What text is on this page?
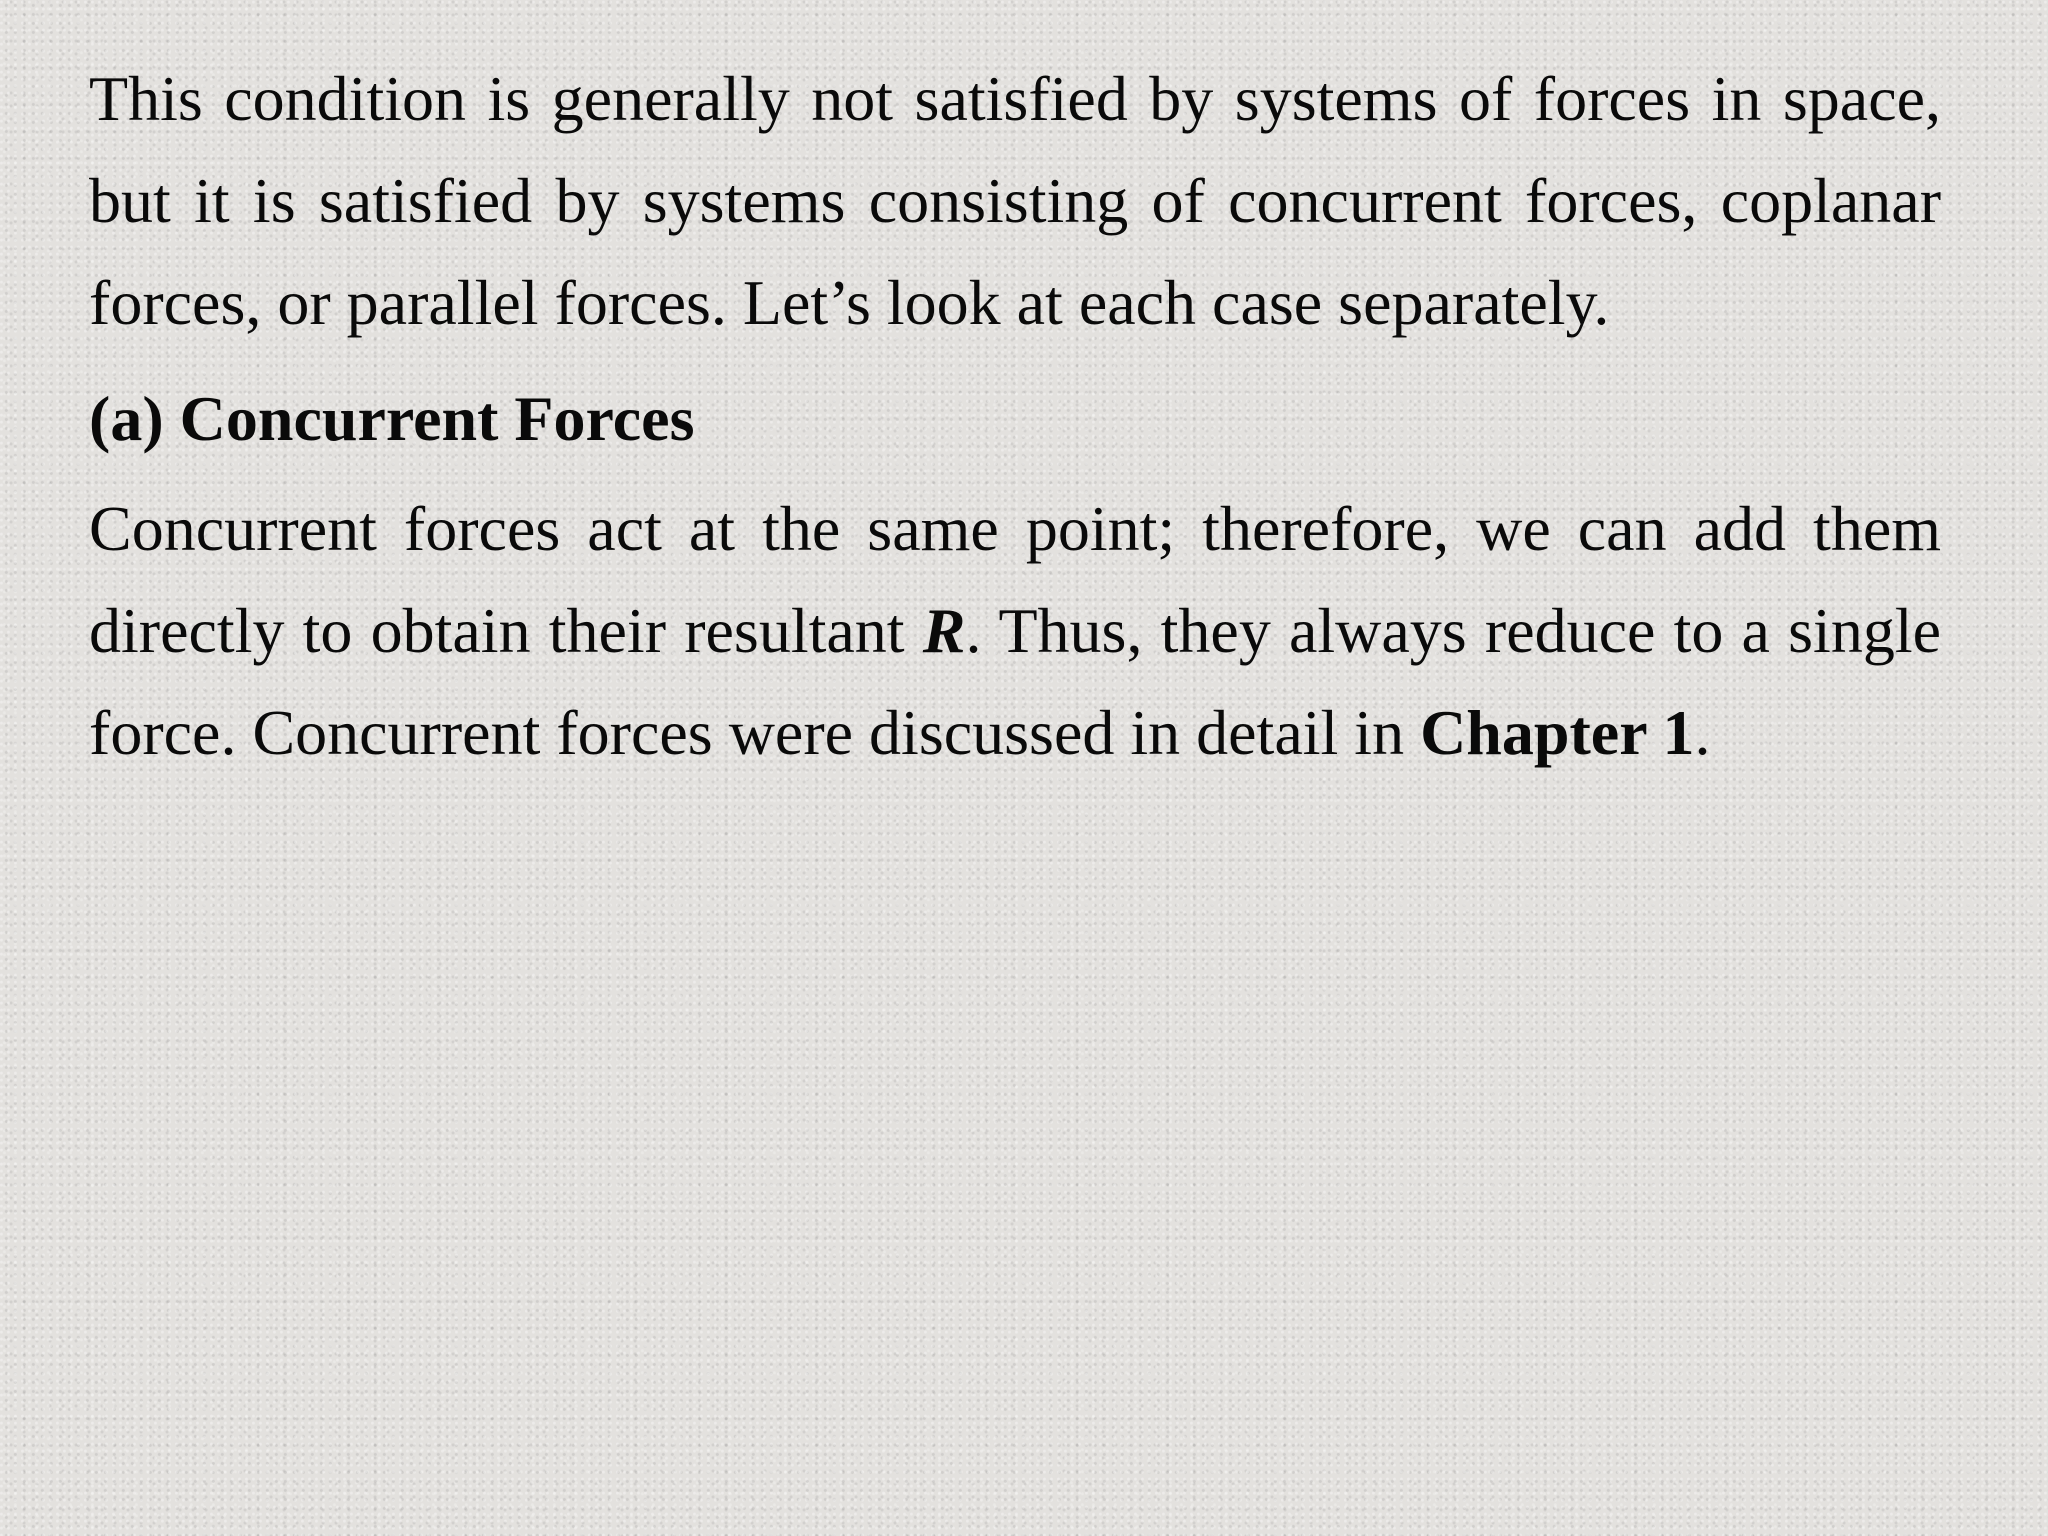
This condition is generally not satisfied by systems of forces in space, but it is satisfied by systems consisting of concurrent forces, coplanar forces, or parallel forces. Let’s look at each case separately.

(a) Concurrent Forces

Concurrent forces act at the same point; therefore, we can add them directly to obtain their resultant R. Thus, they always reduce to a single force. Concurrent forces were discussed in detail in Chapter 1.
